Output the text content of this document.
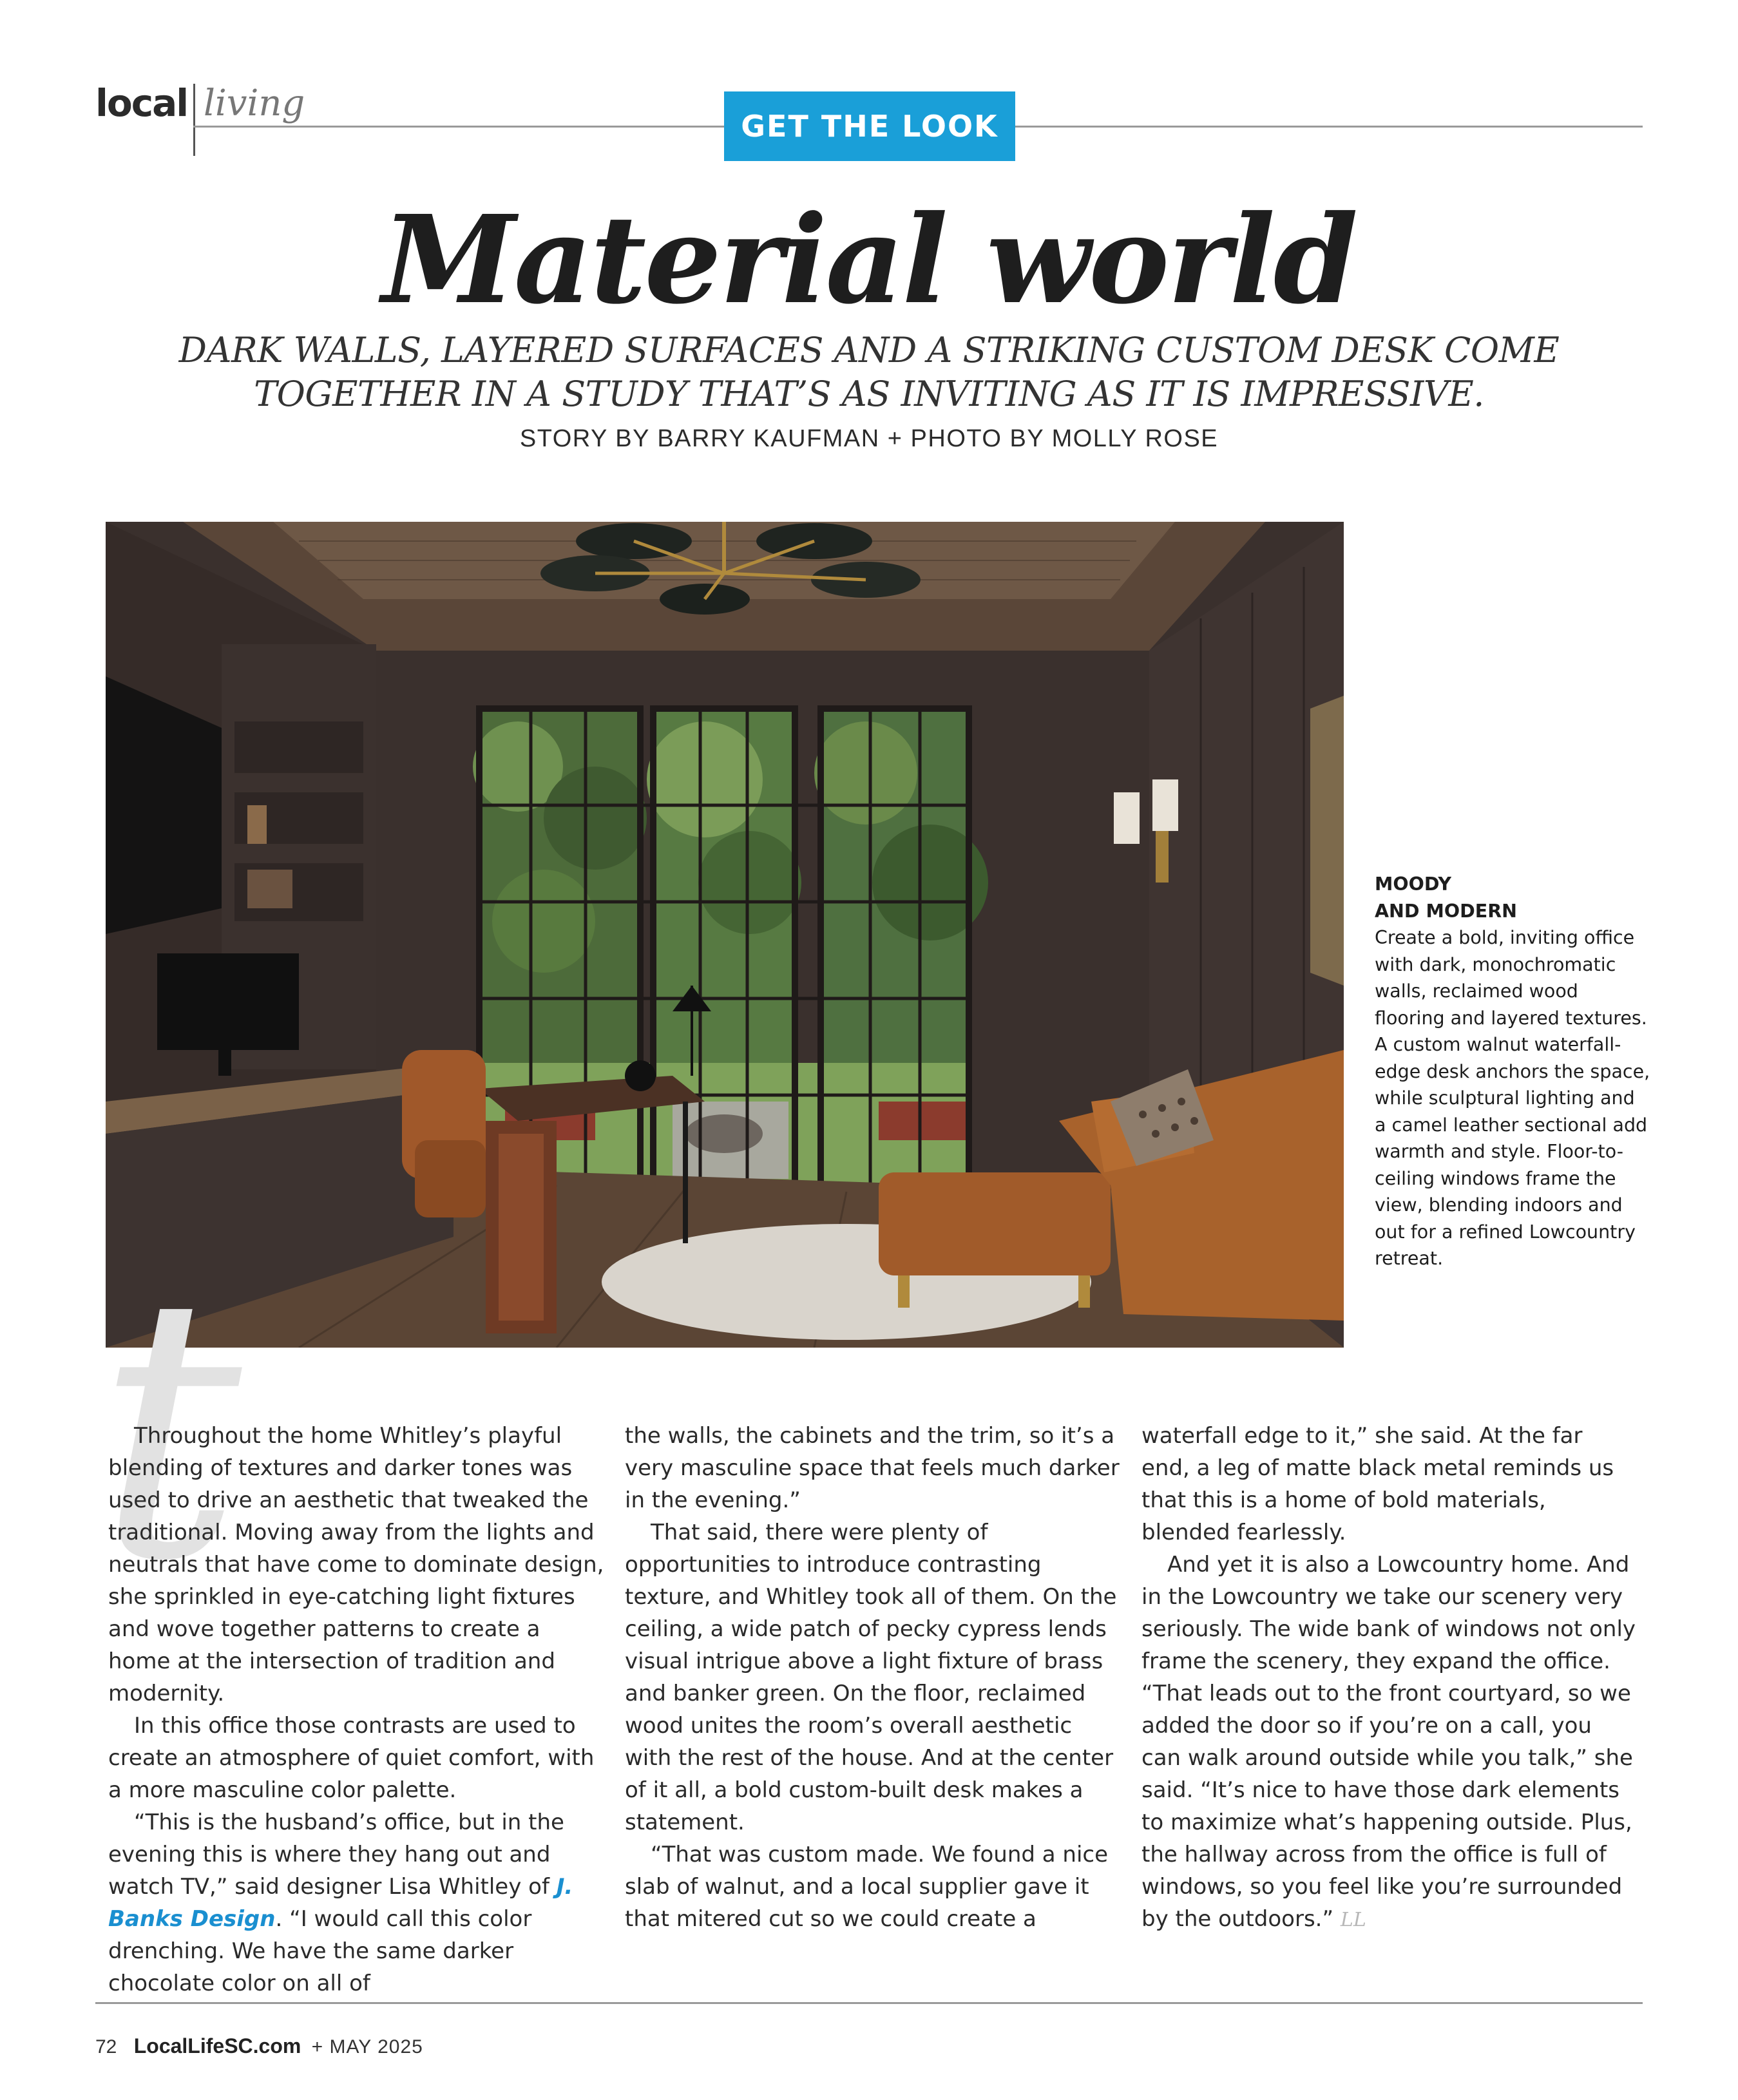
local living
GET THE LOOK
Material world
DARK WALLS, LAYERED SURFACES AND A STRIKING CUSTOM DESK COME TOGETHER IN A STUDY THAT’S AS INVITING AS IT IS IMPRESSIVE.
STORY BY BARRY KAUFMAN + PHOTO BY MOLLY ROSE
MOODY
AND MODERN
Create a bold, inviting office with dark, monochromatic walls, reclaimed wood flooring and layered textures. A custom walnut waterfall-edge desk anchors the space, while sculptural lighting and a camel leather sectional add warmth and style. Floor-to-ceiling windows frame the view, blending indoors and out for a refined Lowcountry retreat.
t

Throughout the home Whitley’s playful blending of textures and darker tones was used to drive an aesthetic that tweaked the traditional. Moving away from the lights and neutrals that have come to dominate design, she sprinkled in eye-catching light fixtures and wove together patterns to create a home at the intersection of tradition and modernity.

In this office those contrasts are used to create an atmosphere of quiet comfort, with a more masculine color palette.

“This is the husband’s office, but in the evening this is where they hang out and watch TV,” said designer Lisa Whitley of J. Banks Design. “I would call this color drenching. We have the same darker chocolate color on all of

the walls, the cabinets and the trim, so it’s a very masculine space that feels much darker in the evening.”

That said, there were plenty of opportunities to introduce contrasting texture, and Whitley took all of them. On the ceiling, a wide patch of pecky cypress lends visual intrigue above a light fixture of brass and banker green. On the floor, reclaimed wood unites the room’s overall aesthetic with the rest of the house. And at the center of it all, a bold custom-built desk makes a statement.

“That was custom made. We found a nice slab of walnut, and a local supplier gave it that mitered cut so we could create a

waterfall edge to it,” she said. At the far end, a leg of matte black metal reminds us that this is a home of bold materials, blended fearlessly.

And yet it is also a Lowcountry home. And in the Lowcountry we take our scenery very seriously. The wide bank of windows not only frame the scenery, they expand the office. “That leads out to the front courtyard, so we added the door so if you’re on a call, you can walk around outside while you talk,” she said. “It’s nice to have those dark elements to maximize what’s happening outside. Plus, the hallway across from the office is full of windows, so you feel like you’re surrounded by the outdoors.” LL

72 LocalLifeSC.com + MAY 2025
